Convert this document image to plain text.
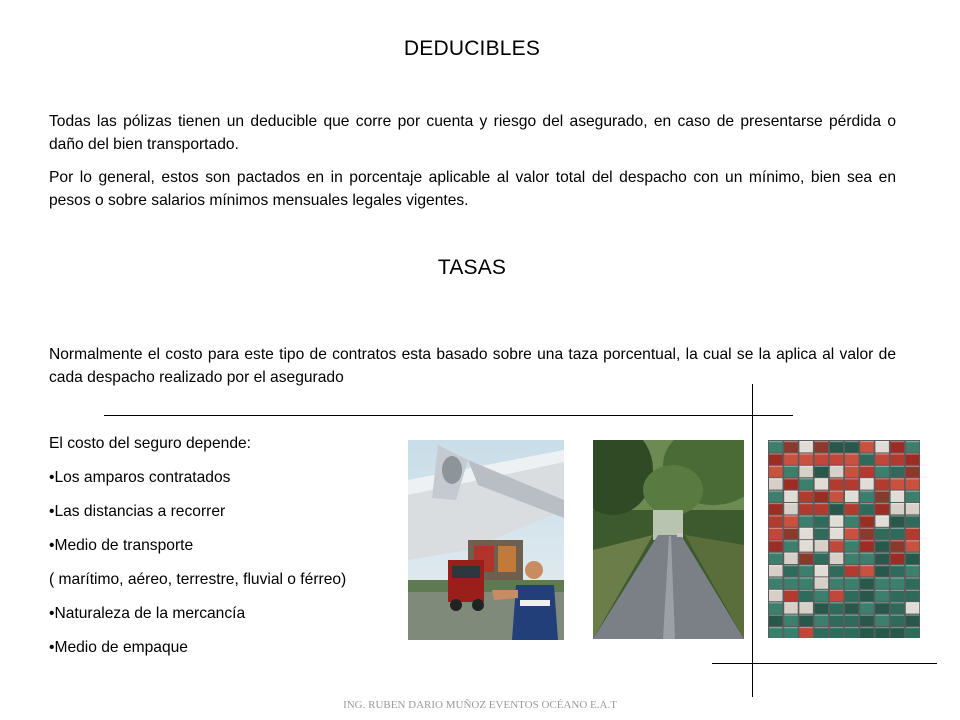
DEDUCIBLES
Todas las pólizas tienen un deducible que corre por cuenta y riesgo del asegurado, en caso de presentarse pérdida o daño del bien transportado.
Por lo general, estos son pactados en in porcentaje aplicable al valor total del despacho con un mínimo, bien sea en pesos o sobre salarios mínimos mensuales legales vigentes.
TASAS
Normalmente el costo para este tipo de contratos esta basado sobre una taza porcentual, la cual se la aplica al valor de cada despacho realizado por el asegurado
El costo del seguro depende:
•Los amparos contratados
•Las distancias a recorrer
•Medio de transporte
( marítimo, aéreo, terrestre, fluvial o férreo)
•Naturaleza de la mercancía
•Medio de empaque
ING. RUBEN DARIO MUÑOZ EVENTOS OCÉANO E.A.T
